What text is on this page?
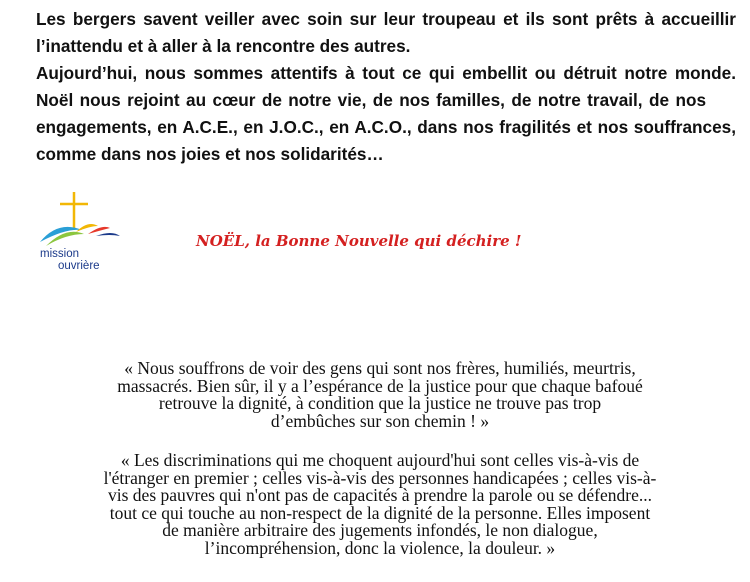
Les bergers savent veiller avec soin sur leur troupeau et ils sont prêts à accueillir l’inattendu et à aller à la rencontre des autres.

Aujourd’hui, nous sommes attentifs à tout ce qui embellit ou détruit notre monde. Noël nous rejoint au cœur de notre vie, de nos familles, de notre travail, de nos engagements, en A.C.E., en J.O.C., en A.C.O., dans nos fragilités et nos souffrances, comme dans nos joies et nos solidarités…

mission
ouvrière
NOËL, la Bonne Nouvelle qui déchire !
« Nous souffrons de voir des gens qui sont nos frères, humiliés, meurtris,
massacrés. Bien sûr, il y a l’espérance de la justice pour que chaque bafoué
retrouve la dignité, à condition que la justice ne trouve pas trop
d’embûches sur son chemin ! »
« Les discriminations qui me choquent aujourd'hui sont celles vis-à-vis de
l'étranger en premier ; celles vis-à-vis des personnes handicapées ; celles vis-à-
vis des pauvres qui n'ont pas de capacités à prendre la parole ou se défendre...
tout ce qui touche au non-respect de la dignité de la personne. Elles imposent
de manière arbitraire des jugements infondés, le non dialogue,
l’incompréhension, donc la violence, la douleur. »
